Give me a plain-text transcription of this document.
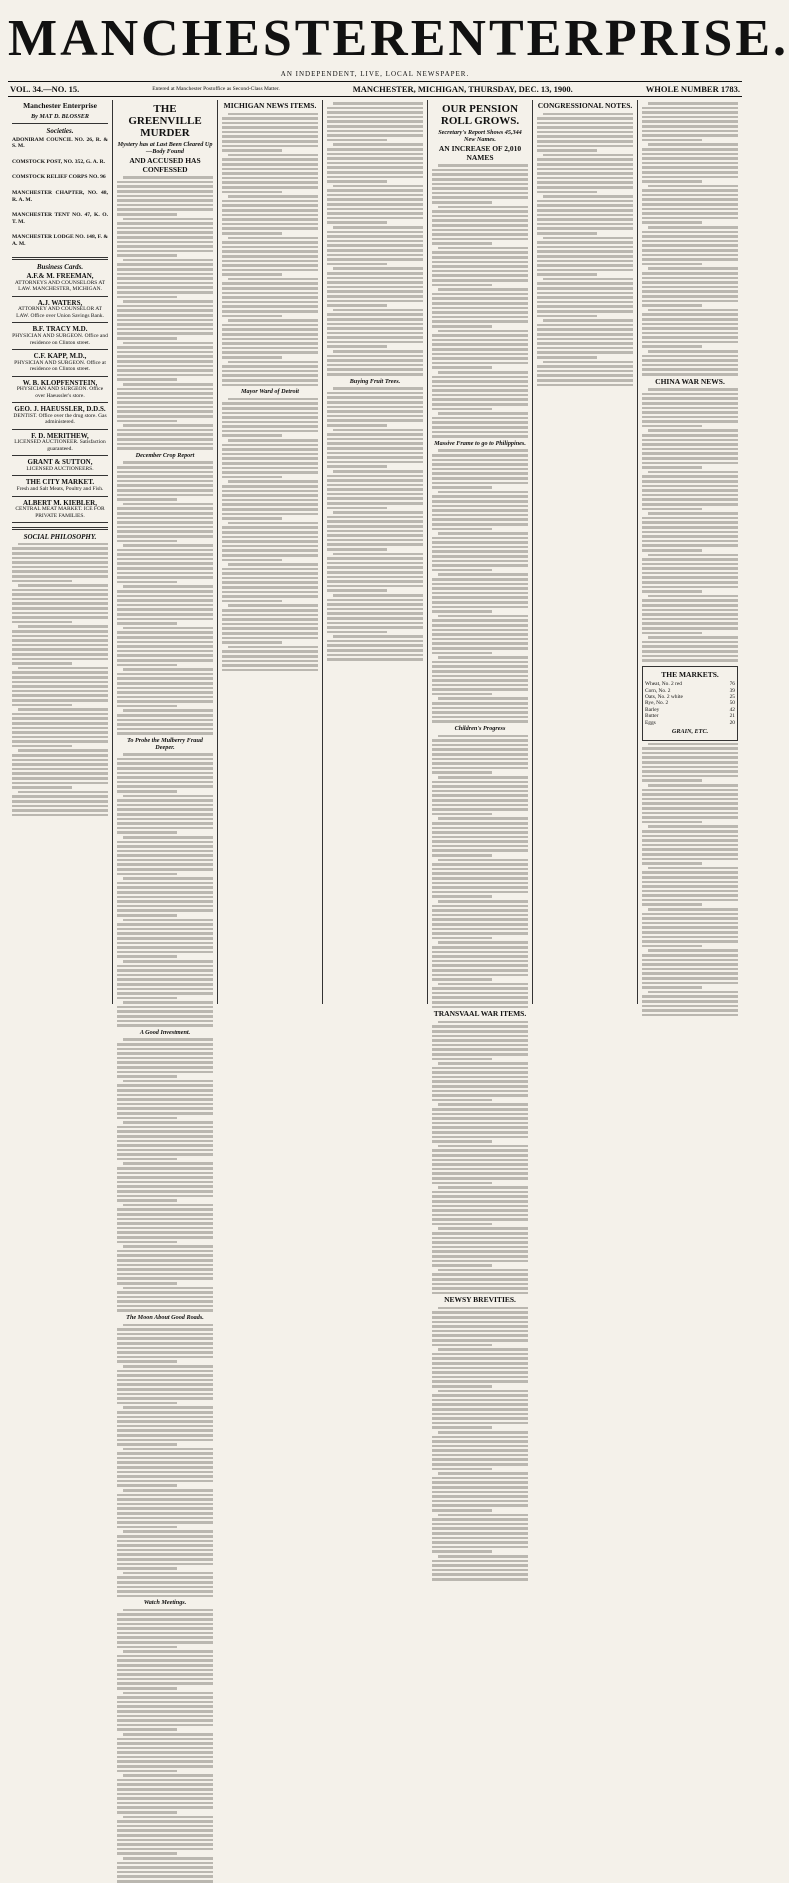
MANCHESTER ENTERPRISE.
AN INDEPENDENT, LIVE, LOCAL NEWSPAPER.
VOL. 34.—NO. 15.	Entered at Manchester Postoffice as Second-Class Matter.	MANCHESTER, MICHIGAN, THURSDAY, DEC. 13, 1900.	WHOLE NUMBER 1783.
Manchester Enterprise
By MAT D. BLOSSER
Societies.

ADONIRAM COUNCIL NO. 26, R. & S. M.

COMSTOCK POST, NO. 352, G. A. R.

COMSTOCK RELIEF CORPS NO. 96

MANCHESTER CHAPTER, NO. 48, R. A. M.

MANCHESTER TENT NO. 47, K. O. T. M.

MANCHESTER LODGE NO. 148, F. & A. M.

Business Cards.
A.F.& M. FREEMAN,
ATTORNEYS AND COUNSELORS AT LAW. MANCHESTER, MICHIGAN.
A.J. WATERS,
ATTORNEY AND COUNSELOR AT LAW. Office over Union Savings Bank.
B.F. TRACY M.D.
PHYSICIAN AND SURGEON. Office and residence on Clinton street.
C.F. KAPP, M.D.,
PHYSICIAN AND SURGEON. Office at residence on Clinton street.
W. B. KLOPFENSTEIN,
PHYSICIAN AND SURGEON. Office over Haeussler's store.
GEO. J. HAEUSSLER, D.D.S.
DENTIST. Office over the drug store. Gas administered.
F. D. MERITHEW,
LICENSED AUCTIONEER. Satisfaction guaranteed.
GRANT & SUTTON,
LICENSED AUCTIONEERS.
THE CITY MARKET.
Fresh and Salt Meats, Poultry and Fish.
ALBERT M. KIEBLER,
CENTRAL MEAT MARKET. ICE FOR PRIVATE FAMILIES.
SOCIAL PHILOSOPHY.
THE GREENVILLE MURDER
Mystery has at Last Been Cleared Up—Body Found
AND ACCUSED HAS CONFESSED
December Crop Report
To Probe the Mulberry Fraud Deeper.
A Good Investment.
The Moon About Good Roads.
Watch Meetings.
MICHIGAN NEWS ITEMS.
Mayor Ward of Detroit
Buying Fruit Trees.
OUR PENSION ROLL GROWS.
Secretary's Report Shows 45,344 New Names.
AN INCREASE OF 2,010 NAMES
Massive Frame to go to Philippines.
Children's Progress
TRANSVAAL WAR ITEMS.
NEWSY BREVITIES.
CONGRESSIONAL NOTES.
CHINA WAR NEWS.
THE MARKETS.
Wheat, No. 2 red	76
Corn, No. 2	39
Oats, No. 2 white	25
Rye, No. 2	50
Barley	42
Butter	21
Eggs	20
GRAIN, ETC.
